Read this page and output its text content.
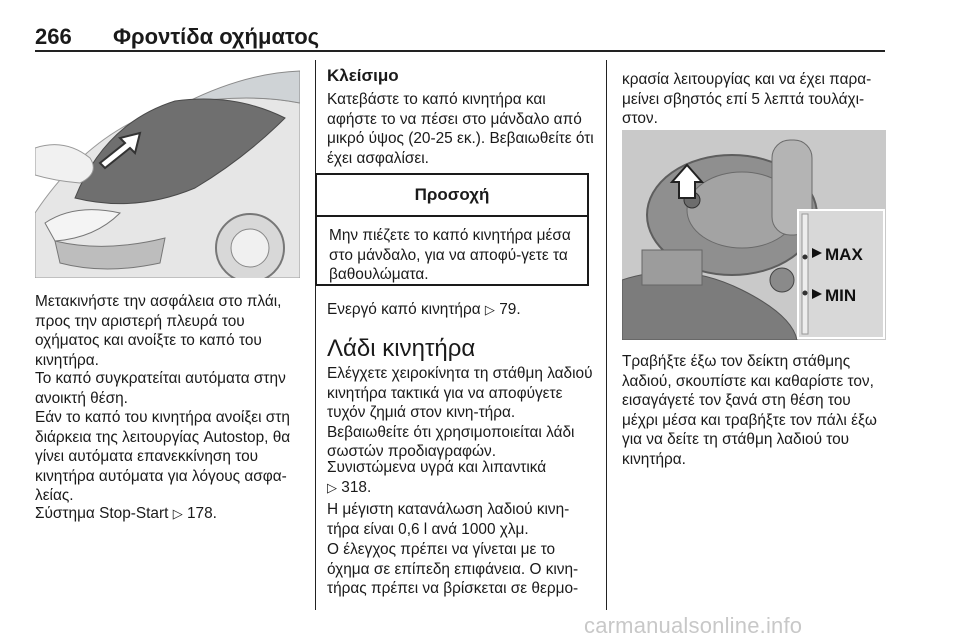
266 Φροντίδα οχήματος

Μετακινήστε την ασφάλεια στο πλάι, προς την αριστερή πλευρά του οχήματος και ανοίξτε το καπό του κινητήρα.

Το καπό συγκρατείται αυτόματα στην ανοικτή θέση.

Εάν το καπό του κινητήρα ανοίξει στη διάρκεια της λειτουργίας Autostop, θα γίνει αυτόματα επανεκκίνηση του κινητήρα αυτόματα για λόγους ασφα‐λείας.

Σύστημα Stop-Start ▷ 178.

Κλείσιμο

Κατεβάστε το καπό κινητήρα και αφήστε το να πέσει στο μάνδαλο από μικρό ύψος (20-25 εκ.). Βεβαιωθείτε ότι έχει ασφαλίσει.

Προσοχή
Μην πιέζετε το καπό κινητήρα μέσα στο μάνδαλο, για να αποφύ‐γετε τα βαθουλώματα.

Ενεργό καπό κινητήρα ▷ 79.

Λάδι κινητήρα

Ελέγχετε χειροκίνητα τη στάθμη λαδιού κινητήρα τακτικά για να αποφύγετε τυχόν ζημιά στον κινη‐τήρα. Βεβαιωθείτε ότι χρησιμοποιείται λάδι σωστών προδιαγραφών.

Συνιστώμενα υγρά και λιπαντικά
▷ 318.

Η μέγιστη κατανάλωση λαδιού κινη‐τήρα είναι 0,6 l ανά 1000 χλμ.

Ο έλεγχος πρέπει να γίνεται με το όχημα σε επίπεδη επιφάνεια. Ο κινη‐τήρας πρέπει να βρίσκεται σε θερμο‐

κρασία λειτουργίας και να έχει παρα‐μείνει σβηστός επί 5 λεπτά τουλάχι‐στον.

MAX
MIN

Τραβήξτε έξω τον δείκτη στάθμης λαδιού, σκουπίστε και καθαρίστε τον, εισαγάγετέ τον ξανά στη θέση του μέχρι μέσα και τραβήξτε τον πάλι έξω για να δείτε τη στάθμη λαδιού του κινητήρα.

carmanualsonline.info
